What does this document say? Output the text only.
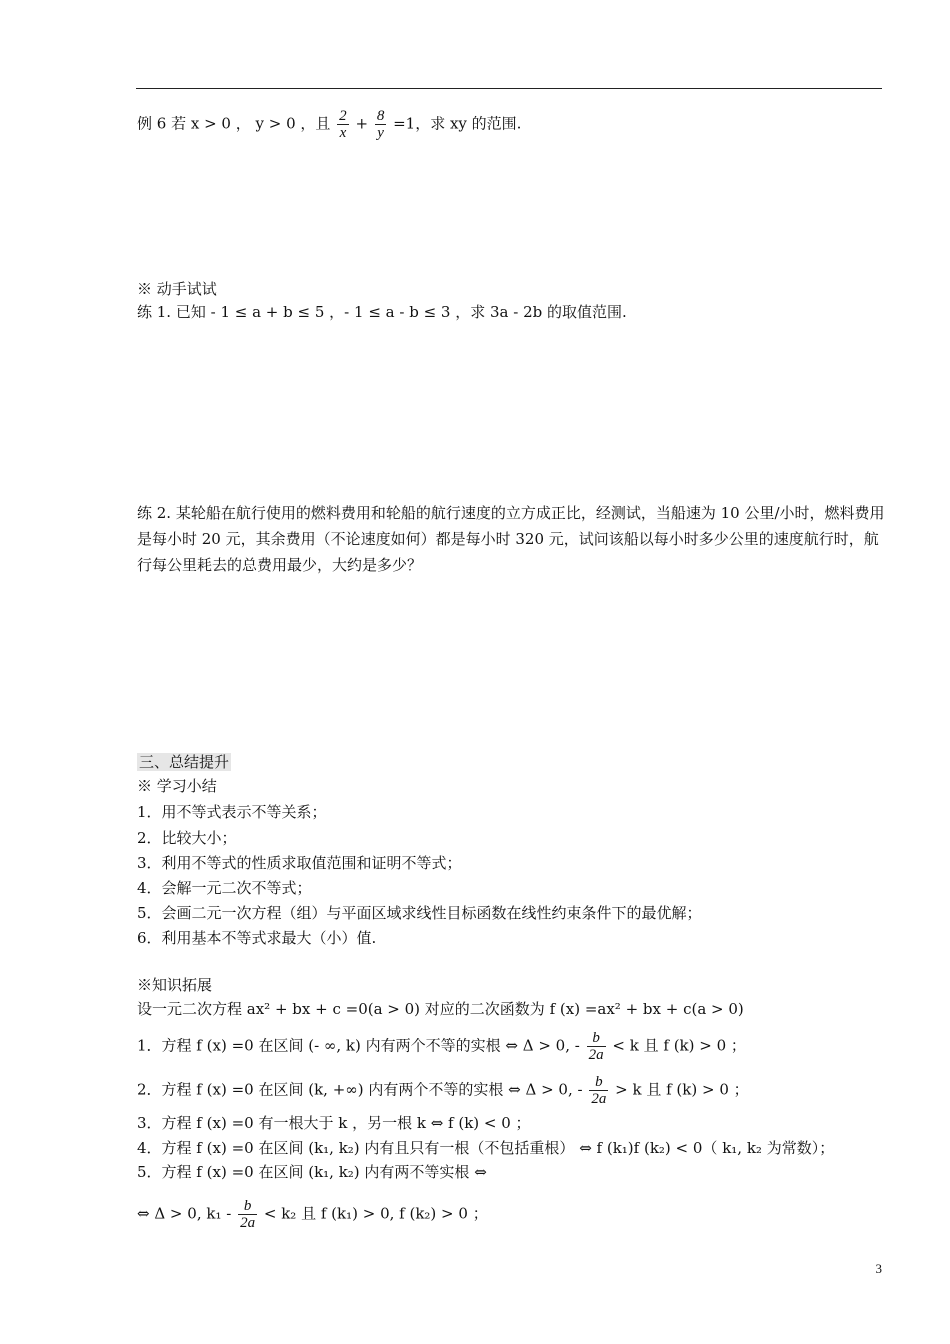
例 6 若 x > 0 ， y > 0 ，且 $\frac{2}{x} + \frac{8}{y} =1$，求 xy 的范围.
※ 动手试试
练 1. 已知 - 1 ≤ a + b ≤ 5 ，- 1 ≤ a - b ≤ 3 ，求 3a - 2b 的取值范围.
练 2. 某轮船在航行使用的燃料费用和轮船的航行速度的立方成正比，经测试，当船速为 10 公里/小时，燃料费用是每小时 20 元，其余费用（不论速度如何）都是每小时 320 元，试问该船以每小时多少公里的速度航行时，航行每公里耗去的总费用最少，大约是多少？
三、总结提升
※ 学习小结
1．用不等式表示不等关系；
2．比较大小；
3．利用不等式的性质求取值范围和证明不等式；
4．会解一元二次不等式；
5．会画二元一次方程（组）与平面区域求线性目标函数在线性约束条件下的最优解；
6．利用基本不等式求最大（小）值.
※知识拓展
设一元二次方程 ax² + bx + c =0(a > 0) 对应的二次函数为 f (x) =ax² + bx + c(a > 0)
1．方程 f (x) =0 在区间 (- ∞, k) 内有两个不等的实根 ⇔ Δ > 0, - $\frac{b}{2a} < k$ 且 f (k) > 0 ；
2．方程 f (x) =0 在区间 (k, +∞) 内有两个不等的实根 ⇔ Δ > 0, - $\frac{b}{2a} > k$ 且 f (k) > 0 ；
3．方程 f (x) =0 有一根大于 k ，另一根 k ⇔ f (k) < 0 ；
4．方程 f (x) =0 在区间 (k₁, k₂) 内有且只有一根（不包括重根） ⇔ f (k₁)f (k₂) < 0（ k₁, k₂ 为常数）；
5．方程 f (x) =0 在区间 (k₁, k₂) 内有两不等实根 ⇔
⇔ Δ > 0, $k_1 - \frac{b}{2a} < k_2$ 且 f (k₁) > 0, f (k₂) > 0 ；
3
